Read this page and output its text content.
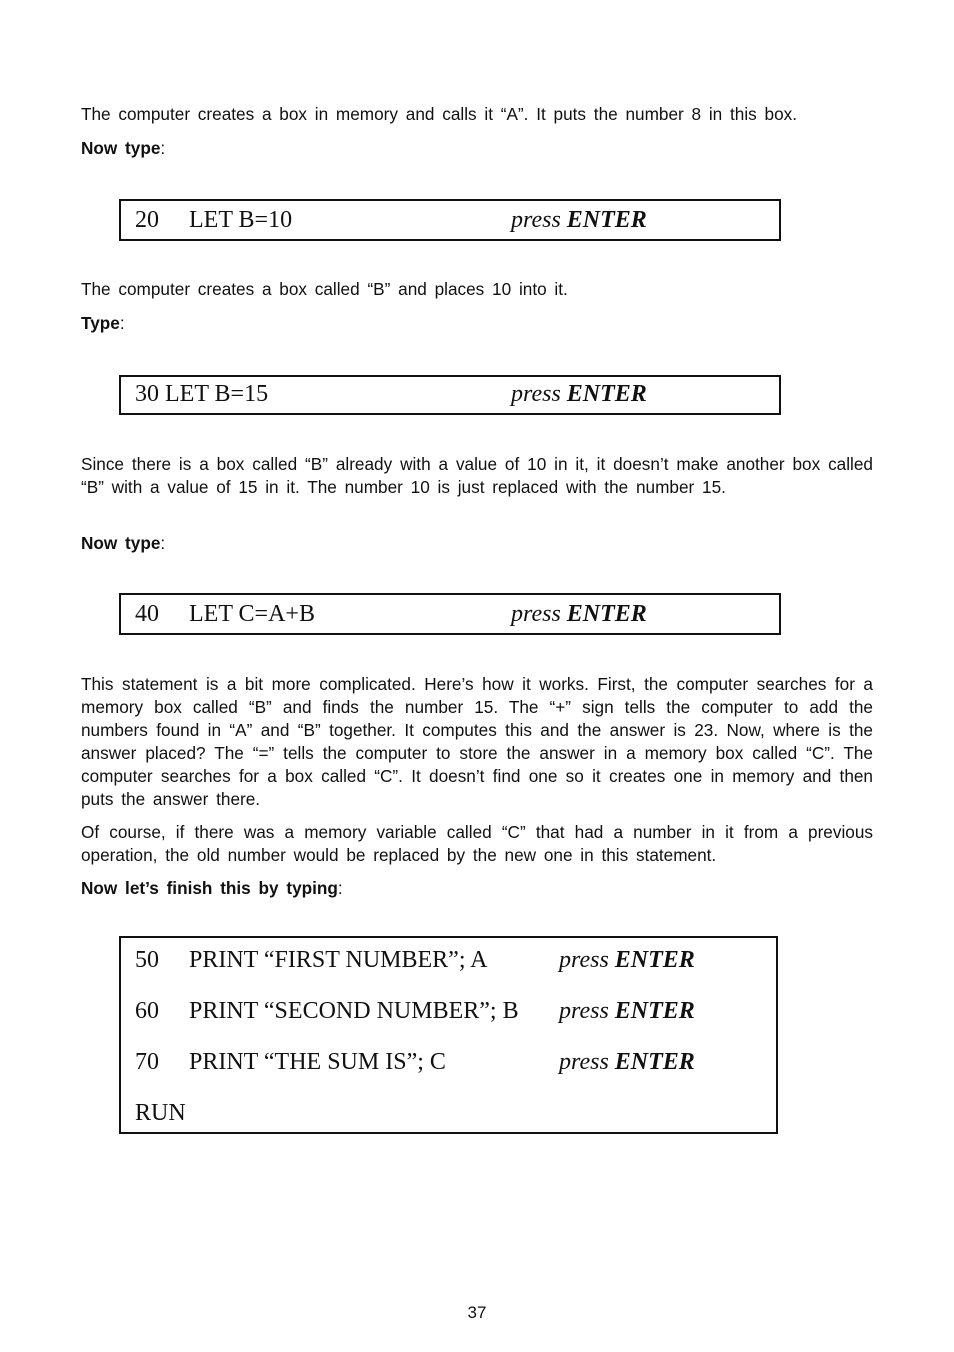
The computer creates a box in memory and calls it “A”. It puts the number 8 in this box.

Now type:

20 LET B=10	press ENTER

The computer creates a box called “B” and places 10 into it.

Type:

30 LET B=15	press ENTER

Since there is a box called “B” already with a value of 10 in it, it doesn’t make another box called “B” with a value of 15 in it. The number 10 is just replaced with the number 15.

Now type:

40 LET C=A+B	press ENTER

This statement is a bit more complicated. Here’s how it works. First, the computer searches for a memory box called “B” and finds the number 15. The “+” sign tells the computer to add the numbers found in “A” and “B” together. It computes this and the answer is 23. Now, where is the answer placed? The “=” tells the computer to store the answer in a memory box called “C”. The computer searches for a box called “C”. It doesn’t find one so it creates one in memory and then puts the answer there.

Of course, if there was a memory variable called “C” that had a number in it from a previous operation, the old number would be replaced by the new one in this statement.

Now let’s finish this by typing:

50 PRINT “FIRST NUMBER”; A	press ENTER
60 PRINT “SECOND NUMBER”; B press ENTER
70 PRINT “THE SUM IS”; C	press ENTER
RUN
37
